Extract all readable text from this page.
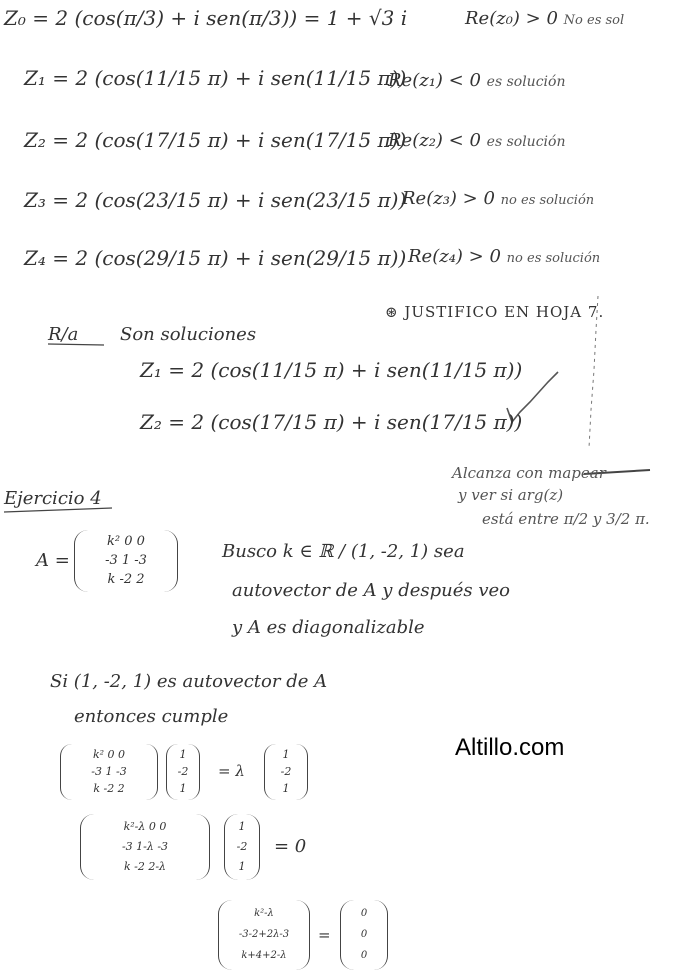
Z₀ = 2 (cos(π/3) + i sen(π/3)) = 1 + √3 i	Re(z₀) > 0 No es sol
Z₁ = 2 (cos(11/15 π) + i sen(11/15 π))
Re(z₁) < 0 es solución
Z₂ = 2 (cos(17/15 π) + i sen(17/15 π))
Re(z₂) < 0 es solución
Z₃ = 2 (cos(23/15 π) + i sen(23/15 π))
Re(z₃) > 0 no es solución
Z₄ = 2 (cos(29/15 π) + i sen(29/15 π)) Re(z₄) > 0 no es solución
⊛ JUSTIFICO EN HOJA 7.
R/a Son soluciones
Z₁ = 2 (cos(11/15 π) + i sen(11/15 π))
Z₂ = 2 (cos(17/15 π) + i sen(17/15 π))
Alcanza con mapear
y ver si arg(z)
está entre π/2 y 3/2 π.
Ejercicio 4
A =
k² 0 0
-3 1 -3
k -2 2
Busco k ∈ ℝ / (1, -2, 1) sea
autovector de A y después veo
y A es diagonalizable
Si (1, -2, 1) es autovector de A
entonces cumple
k² 0 0
-3 1 -3
k -2 2
1
-2
1
= λ
1
-2
1
k²-λ 0 0
-3 1-λ -3
k -2 2-λ
1
-2
1
= 0
k²-λ
-3-2+2λ-3
k+4+2-λ
=
0
0
0
Altillo.com
